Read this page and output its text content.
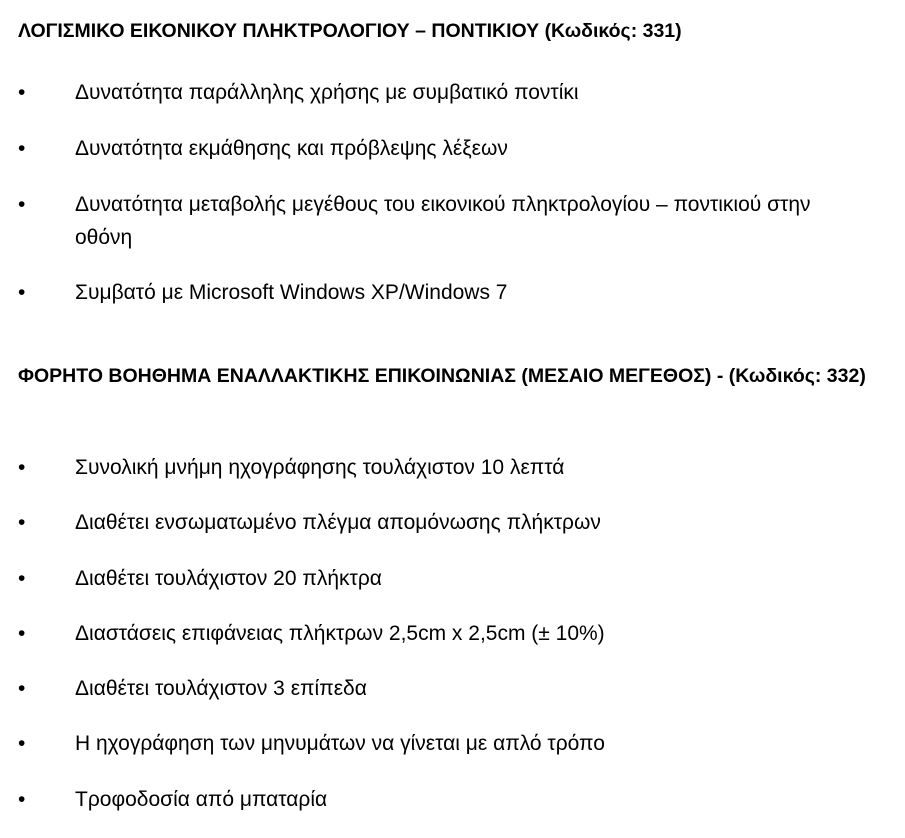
ΛΟΓΙΣΜΙΚΟ ΕΙΚΟΝΙΚΟΥ ΠΛΗΚΤΡΟΛΟΓΙΟΥ – ΠΟΝΤΙΚΙΟΥ (Κωδικός: 331)

•	Δυνατότητα παράλληλης χρήσης με συμβατικό ποντίκι
•	Δυνατότητα εκμάθησης και πρόβλεψης λέξεων
•	Δυνατότητα μεταβολής μεγέθους του εικονικού πληκτρολογίου – ποντικιού στην οθόνη
•	Συμβατό με Microsoft Windows XP/Windows 7

ΦΟΡΗΤΟ ΒΟΗΘΗΜΑ ΕΝΑΛΛΑΚΤΙΚΗΣ ΕΠΙΚΟΙΝΩΝΙΑΣ (ΜΕΣΑΙΟ ΜΕΓΕΘΟΣ) - (Κωδικός: 332)

•	Συνολική μνήμη ηχογράφησης τουλάχιστον 10 λεπτά
•	Διαθέτει ενσωματωμένο πλέγμα απομόνωσης πλήκτρων
•	Διαθέτει τουλάχιστον 20 πλήκτρα
•	Διαστάσεις επιφάνειας πλήκτρων 2,5cm x 2,5cm (± 10%)
•	Διαθέτει τουλάχιστον 3 επίπεδα
•	Η ηχογράφηση των μηνυμάτων να γίνεται με απλό τρόπο
•	Τροφοδοσία από μπαταρία
